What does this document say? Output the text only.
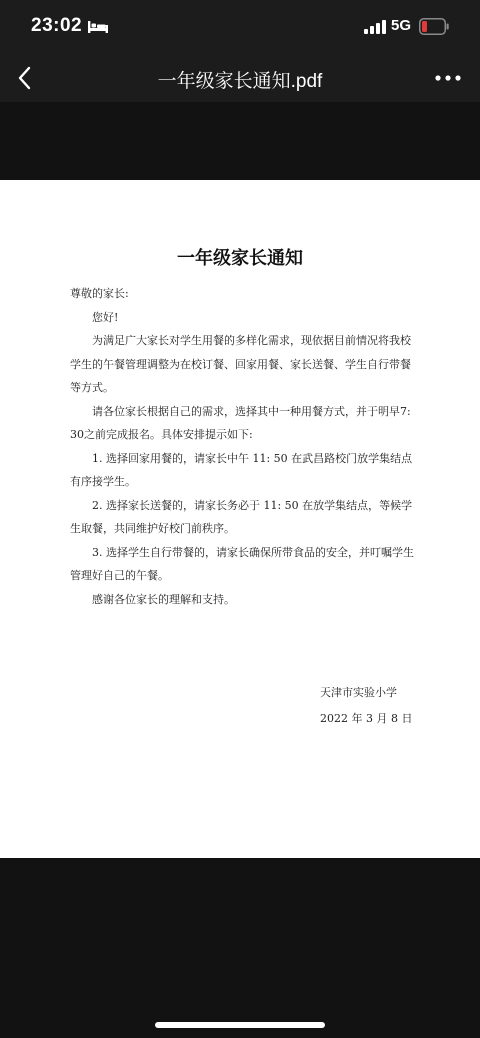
23:02	5G
一年级家长通知.pdf
一年级家长通知

尊敬的家长:

您好!

为满足广大家长对学生用餐的多样化需求，现依据目前情况将我校学生的午餐管理调整为在校订餐、回家用餐、家长送餐、学生自行带餐等方式。

请各位家长根据自己的需求，选择其中一种用餐方式，并于明早7: 30之前完成报名。具体安排提示如下:

1. 选择回家用餐的，请家长中午 11: 50 在武昌路校门放学集结点有序接学生。

2. 选择家长送餐的，请家长务必于 11: 50 在放学集结点，等候学生取餐，共同维护好校门前秩序。

3. 选择学生自行带餐的，请家长确保所带食品的安全，并叮嘱学生管理好自己的午餐。

感谢各位家长的理解和支持。

天津市实验小学
2022 年 3 月 8 日
